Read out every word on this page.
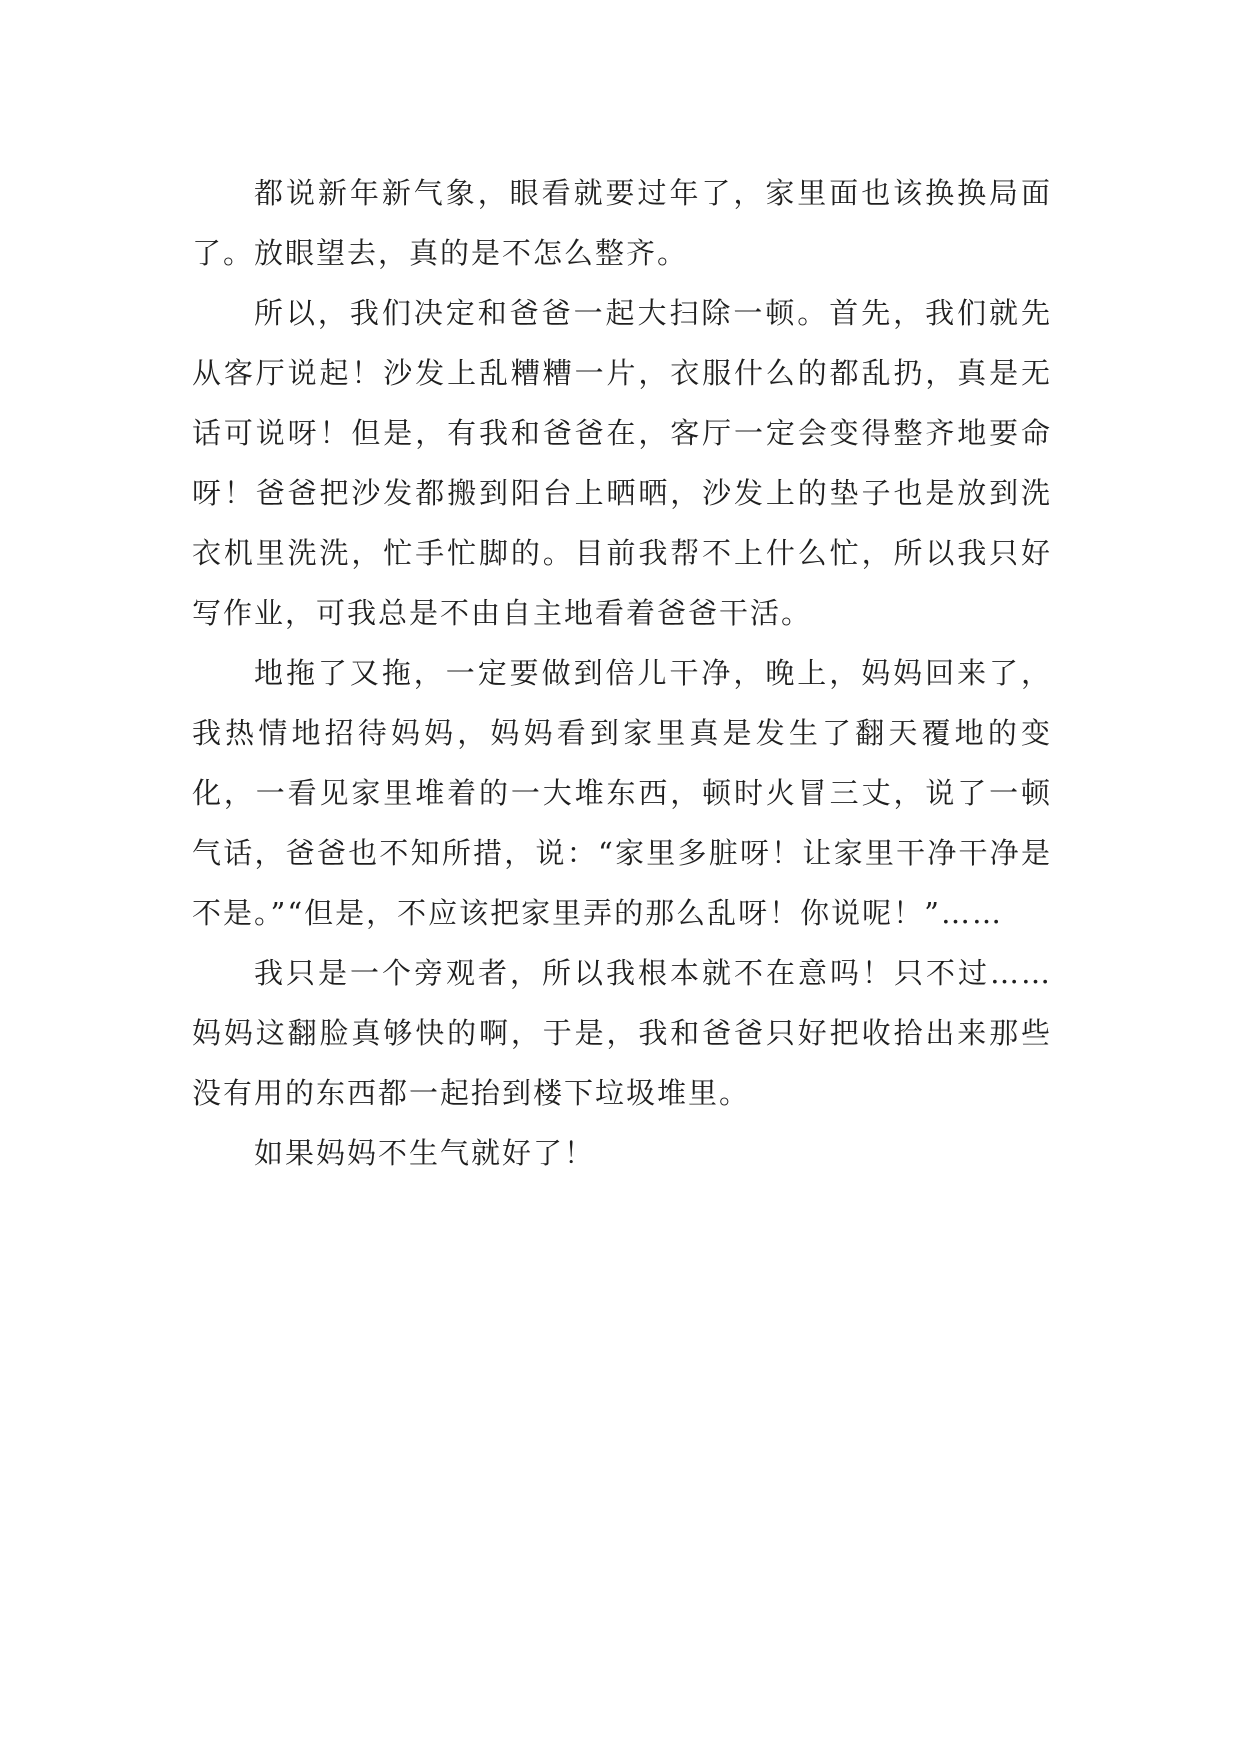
都说新年新气象，眼看就要过年了，家里面也该换换局面了。放眼望去，真的是不怎么整齐。

所以，我们决定和爸爸一起大扫除一顿。首先，我们就先从客厅说起！沙发上乱糟糟一片，衣服什么的都乱扔，真是无话可说呀！但是，有我和爸爸在，客厅一定会变得整齐地要命呀！爸爸把沙发都搬到阳台上晒晒，沙发上的垫子也是放到洗衣机里洗洗，忙手忙脚的。目前我帮不上什么忙，所以我只好写作业，可我总是不由自主地看着爸爸干活。

地拖了又拖，一定要做到倍儿干净，晚上，妈妈回来了，我热情地招待妈妈，妈妈看到家里真是发生了翻天覆地的变化，一看见家里堆着的一大堆东西，顿时火冒三丈，说了一顿气话，爸爸也不知所措，说：“家里多脏呀！让家里干净干净是不是。”“但是，不应该把家里弄的那么乱呀！你说呢！”……

我只是一个旁观者，所以我根本就不在意吗！只不过……妈妈这翻脸真够快的啊，于是，我和爸爸只好把收拾出来那些没有用的东西都一起抬到楼下垃圾堆里。

如果妈妈不生气就好了！
